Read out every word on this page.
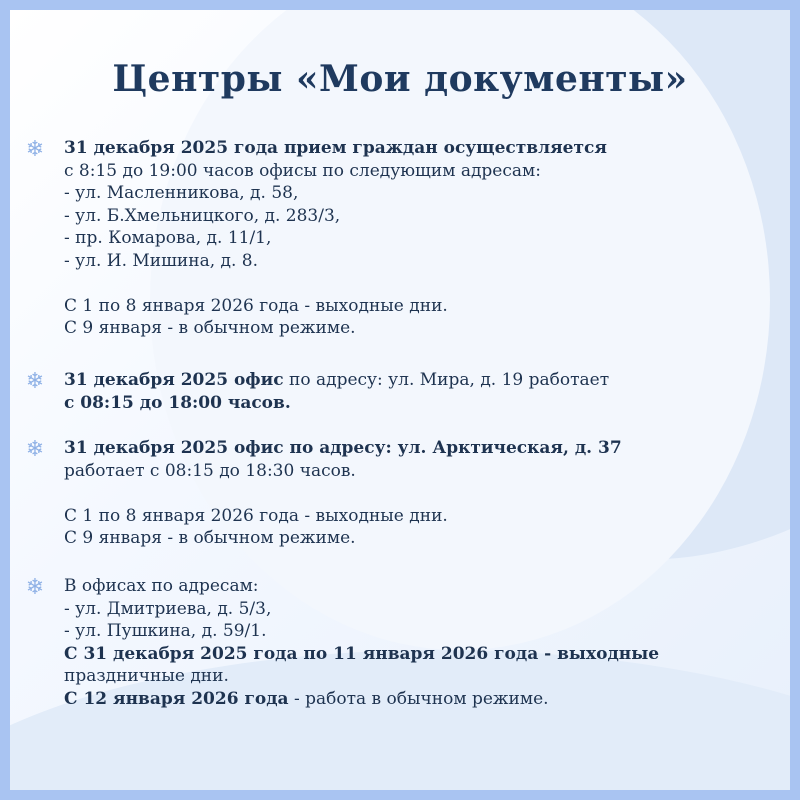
Центры «Мои документы»
❄ 31 декабря 2025 года прием граждан осуществляется

с 8:15 до 19:00 часов офисы по следующим адресам:

- ул. Масленникова, д. 58,

- ул. Б.Хмельницкого, д. 283/3,

- пр. Комарова, д. 11/1,

- ул. И. Мишина, д. 8.

С 1 по 8 января 2026 года - выходные дни.

С 9 января - в обычном режиме.

❄ 31 декабря 2025 офис по адресу: ул. Мира, д. 19 работает

с 08:15 до 18:00 часов.

❄ 31 декабря 2025 офис по адресу: ул. Арктическая, д. 37

работает с 08:15 до 18:30 часов.

С 1 по 8 января 2026 года - выходные дни.

С 9 января - в обычном режиме.

❄ В офисах по адресам:

- ул. Дмитриева, д. 5/3,

- ул. Пушкина, д. 59/1.

С 31 декабря 2025 года по 11 января 2026 года - выходные

праздничные дни.

С 12 января 2026 года - работа в обычном режиме.
